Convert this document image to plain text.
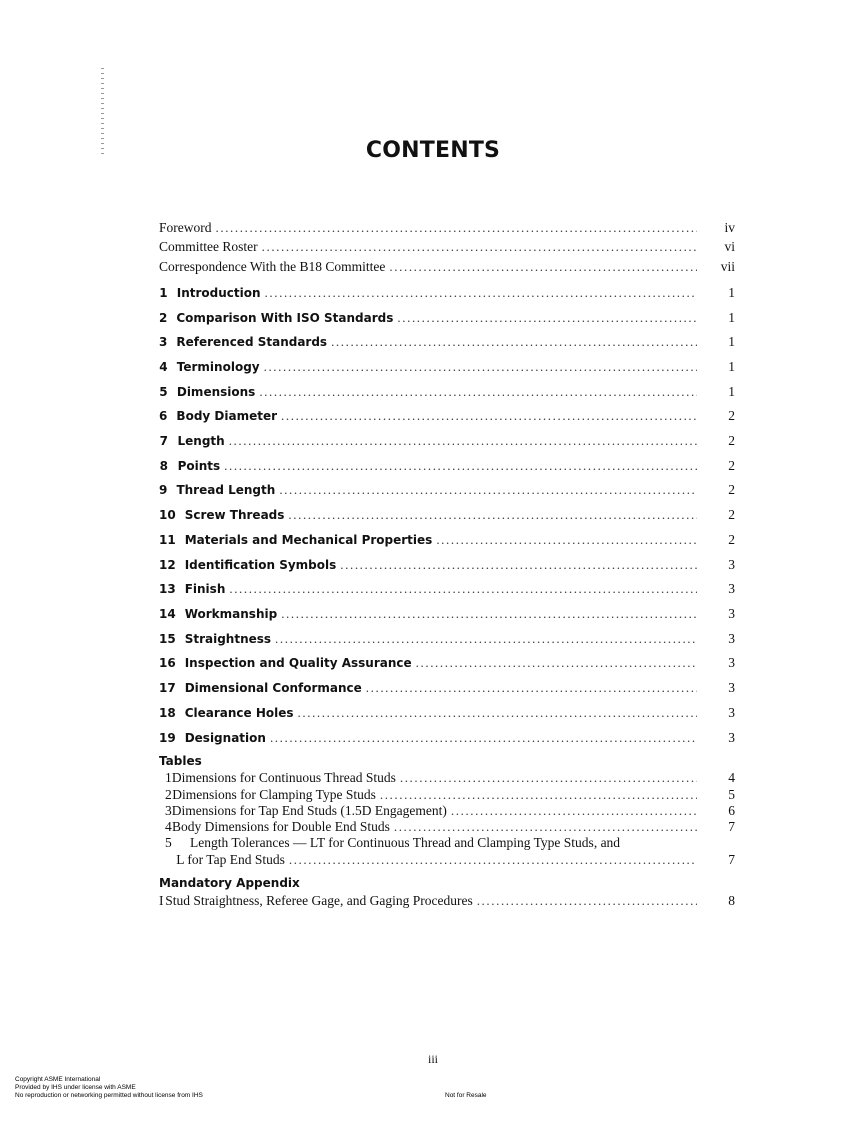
CONTENTS
Foreword .....	iv
Committee Roster .....	vi
Correspondence With the B18 Committee .....	vii
1 Introduction .....	1
2 Comparison With ISO Standards .....	1
3 Referenced Standards .....	1
4 Terminology .....	1
5 Dimensions .....	1
6 Body Diameter .....	2
7 Length .....	2
8 Points .....	2
9 Thread Length .....	2
10 Screw Threads .....	2
11 Materials and Mechanical Properties .....	2
12 Identification Symbols .....	3
13 Finish .....	3
14 Workmanship .....	3
15 Straightness .....	3
16 Inspection and Quality Assurance .....	3
17 Dimensional Conformance .....	3
18 Clearance Holes .....	3
19 Designation .....	3
Tables
1 Dimensions for Continuous Thread Studs .....	4
2 Dimensions for Clamping Type Studs .....	5
3 Dimensions for Tap End Studs (1.5D Engagement) .....	6
4 Body Dimensions for Double End Studs .....	7
5	Length Tolerances — LT for Continuous Thread and Clamping Type Studs, and
L for Tap End Studs .....	7
Mandatory Appendix
I Stud Straightness, Referee Gage, and Gaging Procedures .....	8
iii
Copyright ASME International
Provided by IHS under license with ASME
No reproduction or networking permitted without license from IHS	Not for Resale
